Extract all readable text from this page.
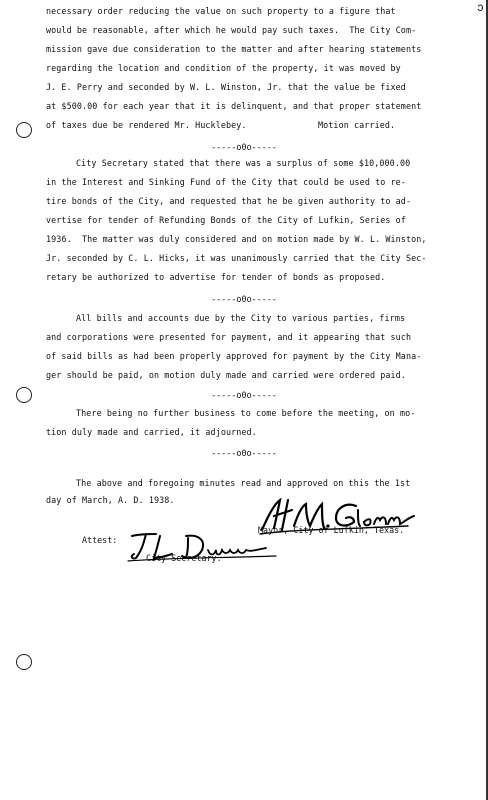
ↄ
necessary order reducing the value on such property to a figure that
would be reasonable, after which he would pay such taxes.  The City Com-
mission gave due consideration to the matter and after hearing statements
regarding the location and condition of the property, it was moved by
J. E. Perry and seconded by W. L. Winston, Jr. that the value be fixed
at $500.00 for each year that it is delinquent, and that proper statement
of taxes due be rendered Mr. Hucklebey.	Motion carried.
-----o0o-----
City Secretary stated that there was a surplus of some $10,000.00
in the Interest and Sinking Fund of the City that could be used to re-
tire bonds of the City, and requested that he be given authority to ad-
vertise for tender of Refunding Bonds of the City of Lufkin, Series of
1936.  The matter was duly considered and on motion made by W. L. Winston,
Jr. seconded by C. L. Hicks, it was unanimously carried that the City Sec-
retary be authorized to advertise for tender of bonds as proposed.
-----o0o-----
All bills and accounts due by the City to various parties, firms
and corporations were presented for payment, and it appearing that such
of said bills as had been properly approved for payment by the City Mana-
ger should be paid, on motion duly made and carried were ordered paid.
-----o0o-----
There being no further business to come before the meeting, on mo-
tion duly made and carried, it adjourned.
-----o0o-----
The above and foregoing minutes read and approved on this the 1st
day of March, A. D. 1938.
Mayor, City of Lufkin, Texas.
Attest:
City Secretary.
